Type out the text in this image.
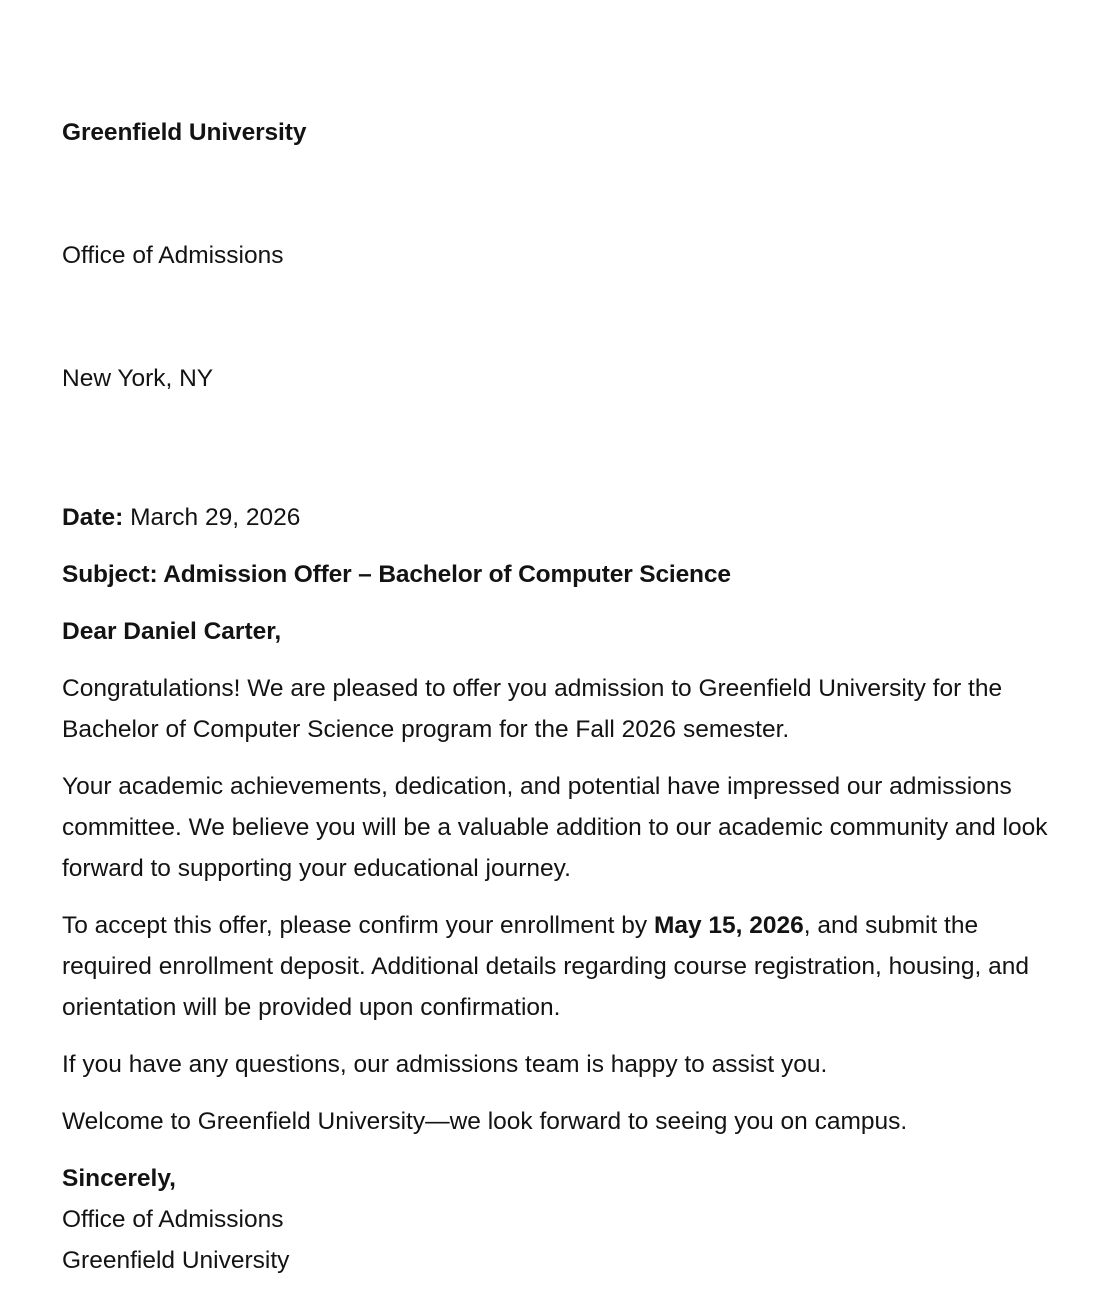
Greenfield University

Office of Admissions

New York, NY

Date: March 29, 2026

Subject: Admission Offer – Bachelor of Computer Science

Dear Daniel Carter,

Congratulations! We are pleased to offer you admission to Greenfield University for the Bachelor of Computer Science program for the Fall 2026 semester.

Your academic achievements, dedication, and potential have impressed our admissions committee. We believe you will be a valuable addition to our academic community and look forward to supporting your educational journey.

To accept this offer, please confirm your enrollment by May 15, 2026, and submit the required enrollment deposit. Additional details regarding course registration, housing, and orientation will be provided upon confirmation.

If you have any questions, our admissions team is happy to assist you.

Welcome to Greenfield University—we look forward to seeing you on campus.

Sincerely,
Office of Admissions
Greenfield University
